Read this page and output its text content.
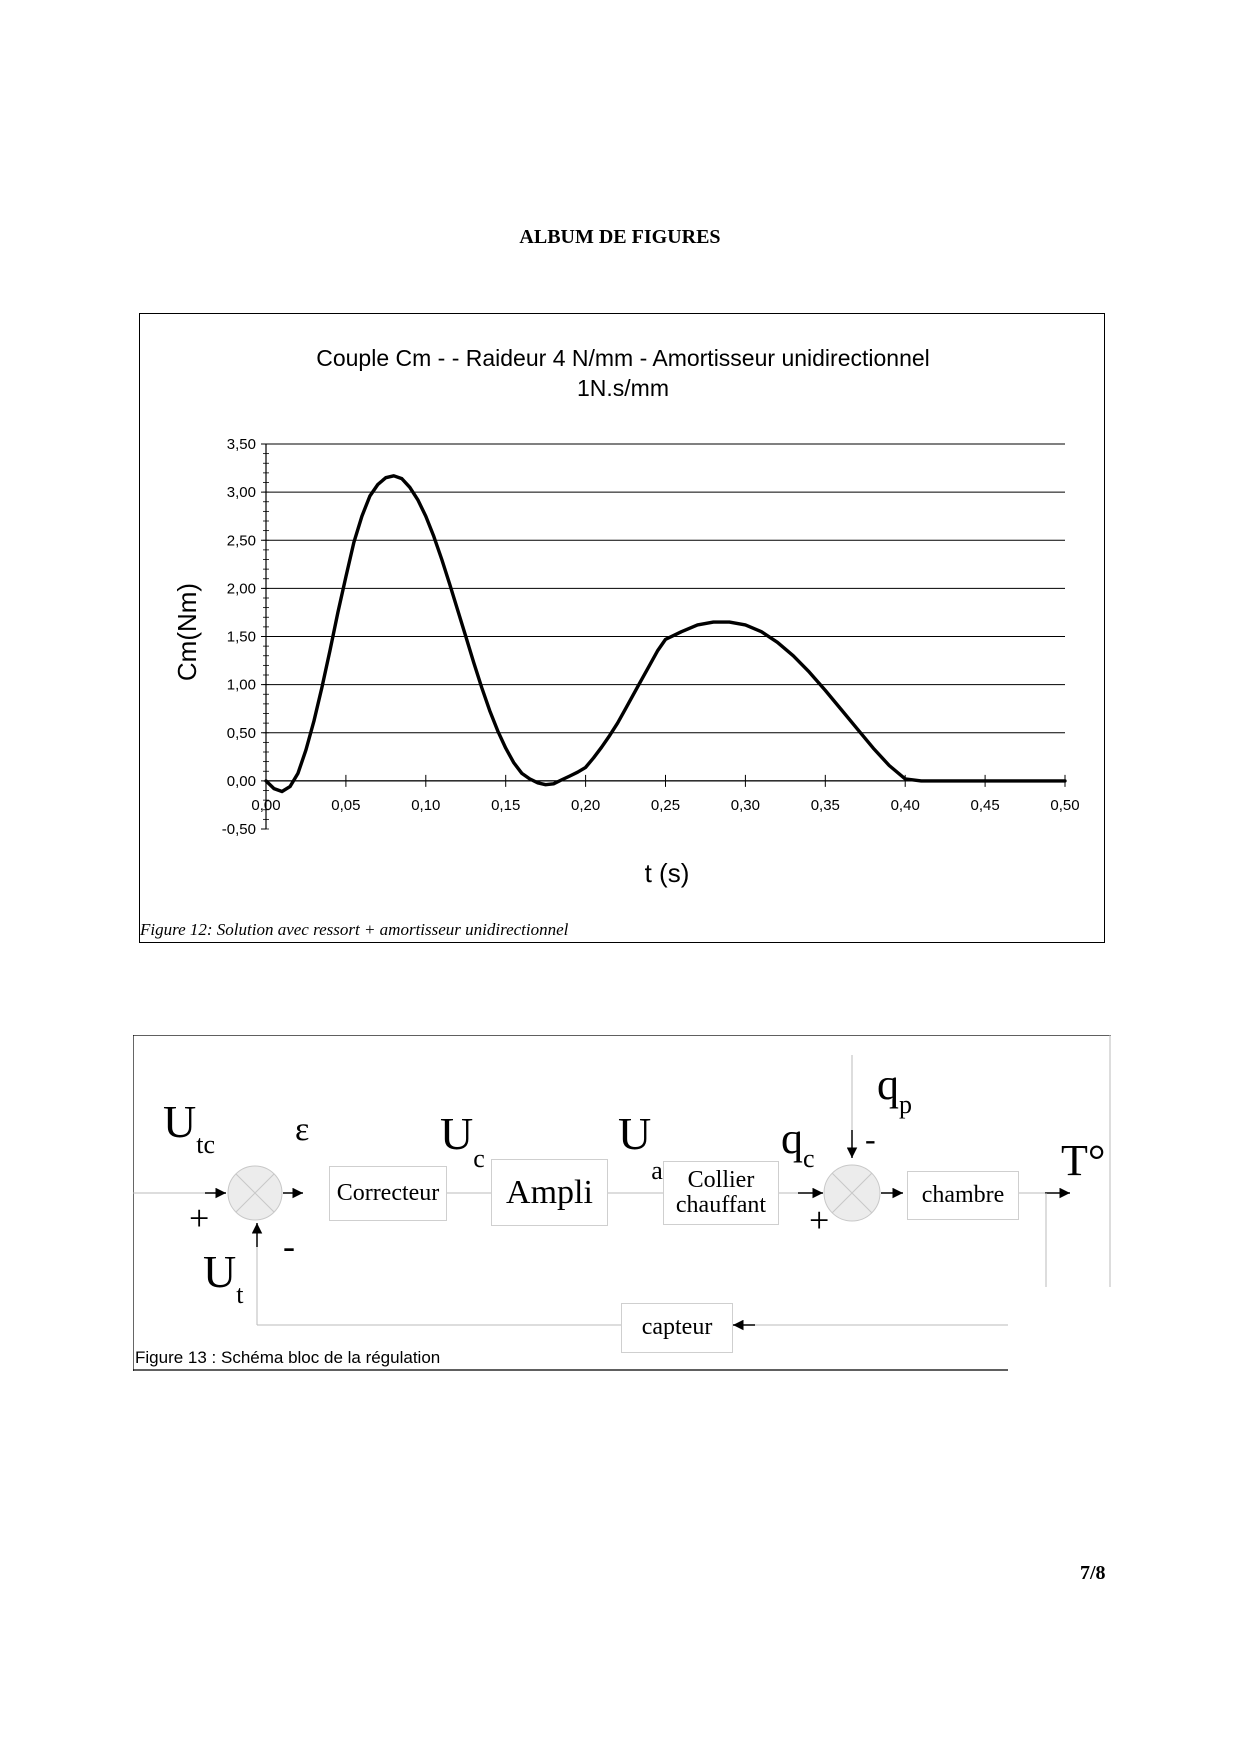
ALBUM DE FIGURES
Couple Cm - - Raideur 4 N/mm - Amortisseur unidirectionnel
1N.s/mm
-0,50
0,00
0,50
1,00
1,50
2,00
2,50
3,00
3,50
0,00	0,05	0,10	0,15	0,20	0,25	0,30	0,35	0,40	0,45	0,50
Cm(Nm)
t (s)
Figure 12: Solution avec ressort + amortisseur unidirectionnel
Correcteur Ampli	Collier
chauffant	chambre
capteur
$U_{tc}$ ε	$U_c$	$U_a$
$q_c$
$q_p$
$U_t$
T°
+
-
+
-
Figure 13 : Schéma bloc de la régulation
7/8
